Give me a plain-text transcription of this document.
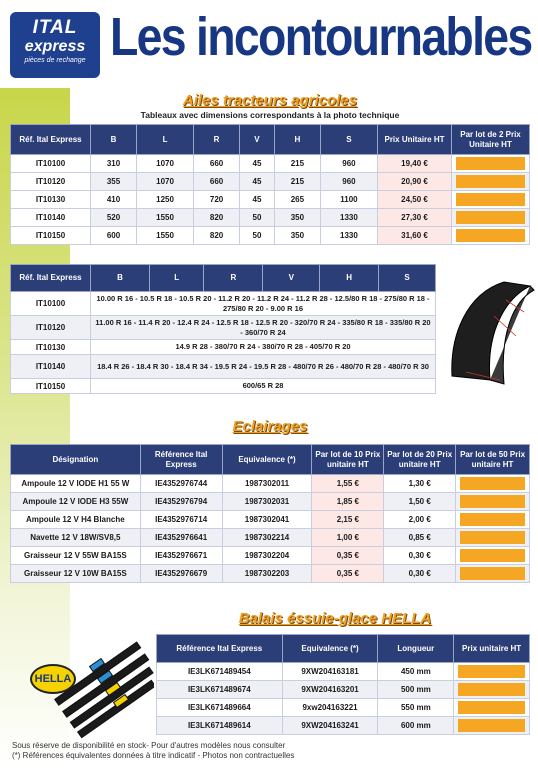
ITAL
express
pièces de rechange Les incontournables
Ailes tracteurs agricoles
Tableaux avec dimensions correspondants à la photo technique
Réf. Ital Express	B	L	R	V	H	S	Prix Unitaire HT	Par lot de 2 Prix Unitaire HT
IT10100	310	1070	660	45	215	960	19,40 €	

IT10120	355	1070	660	45	215	960	20,90 €	

IT10130	410	1250	720	45	265	1100	24,50 €	

IT10140	520	1550	820	50	350	1330	27,30 €	

IT10150	600	1550	820	50	350	1330	31,60 €	
Réf. Ital Express	B	L	R	V	H	S
IT10100	10.00 R 16 - 10.5 R 18 - 10.5 R 20 - 11.2 R 20 - 11.2 R 24 - 11.2 R 28 - 12.5/80 R 18 - 275/80 R 18 - 275/80 R 20 - 9.00 R 16					
IT10120	11.00 R 16 - 11.4 R 20 - 12.4 R 24 - 12.5 R 18 - 12.5 R 20 - 320/70 R 24 - 335/80 R 18 - 335/80 R 20 - 360/70 R 24					
IT10130	14.9 R 28 - 380/70 R 24 - 380/70 R 28 - 405/70 R 20					
IT10140	18.4 R 26 - 18.4 R 30 - 18.4 R 34 - 19.5 R 24 - 19.5 R 28 - 480/70 R 26 - 480/70 R 28 - 480/70 R 30					
IT10150	600/65 R 28					
Eclairages
Désignation	Référence Ital Express	Equivalence (*)	Par lot de 10 Prix unitaire HT	Par lot de 20 Prix unitaire HT	Par lot de 50 Prix unitaire HT
Ampoule 12 V IODE H1 55 W	IE4352976744	1987302011	1,55 €	1,30 €	

Ampoule 12 V IODE H3 55W	IE4352976794	1987302031	1,85 €	1,50 €	

Ampoule 12 V H4 Blanche	IE4352976714	1987302041	2,15 €	2,00 €	

Navette 12 V 18W/SV8,5	IE4352976641	1987302214	1,00 €	0,85 €	

Graisseur 12 V 55W BA15S	IE4352976671	1987302204	0,35 €	0,30 €	

Graisseur 12 V 10W BA15S	IE4352976679	1987302203	0,35 €	0,30 €	
Balais éssuie-glace HELLA
HELLA
Référence Ital Express	Equivalence (*)	Longueur	Prix unitaire HT
IE3LK671489454	9XW204163181	450 mm	

IE3LK671489674	9XW204163201	500 mm	

IE3LK671489664	9xw204163221	550 mm	

IE3LK671489614	9XW204163241	600 mm	
Sous réserve de disponibilité en stock- Pour d'autres modèles nous consulter
(*) Références équivalentes données à titre indicatif - Photos non contractuelles
